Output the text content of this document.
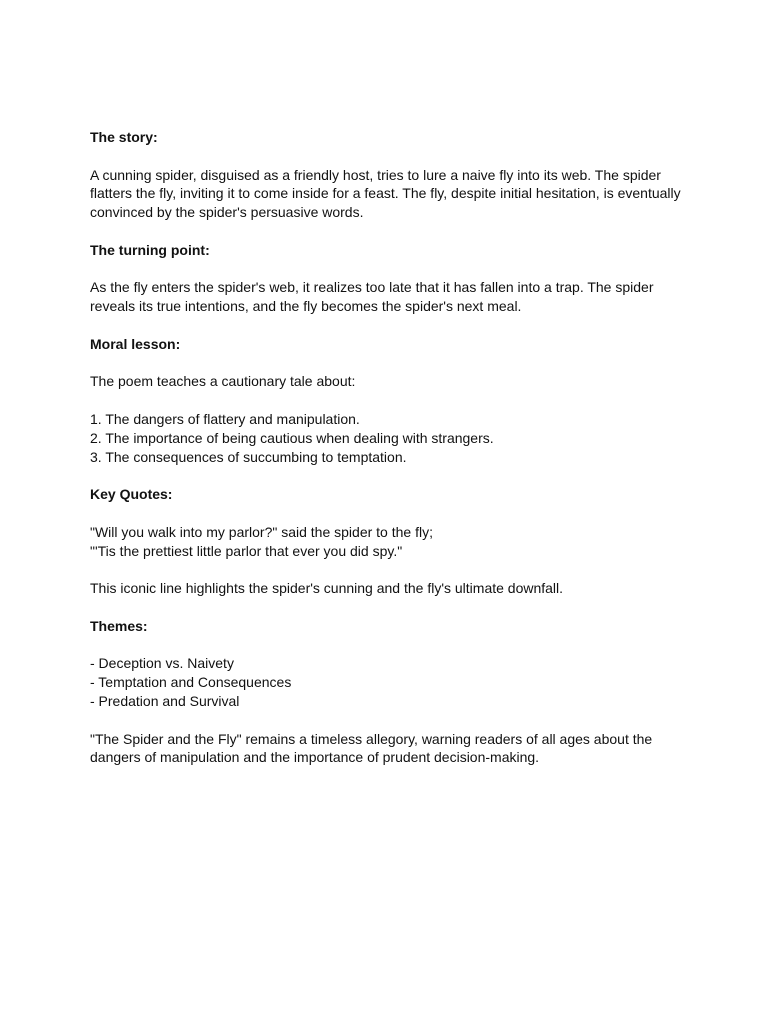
The story:

A cunning spider, disguised as a friendly host, tries to lure a naive fly into its web. The spider
flatters the fly, inviting it to come inside for a feast. The fly, despite initial hesitation, is eventually
convinced by the spider's persuasive words.

The turning point:

As the fly enters the spider's web, it realizes too late that it has fallen into a trap. The spider
reveals its true intentions, and the fly becomes the spider's next meal.

Moral lesson:

The poem teaches a cautionary tale about:

1. The dangers of flattery and manipulation.
2. The importance of being cautious when dealing with strangers.
3. The consequences of succumbing to temptation.

Key Quotes:

"Will you walk into my parlor?" said the spider to the fly;
"'Tis the prettiest little parlor that ever you did spy."

This iconic line highlights the spider's cunning and the fly's ultimate downfall.

Themes:

- Deception vs. Naivety
- Temptation and Consequences
- Predation and Survival

"The Spider and the Fly" remains a timeless allegory, warning readers of all ages about the
dangers of manipulation and the importance of prudent decision-making.
